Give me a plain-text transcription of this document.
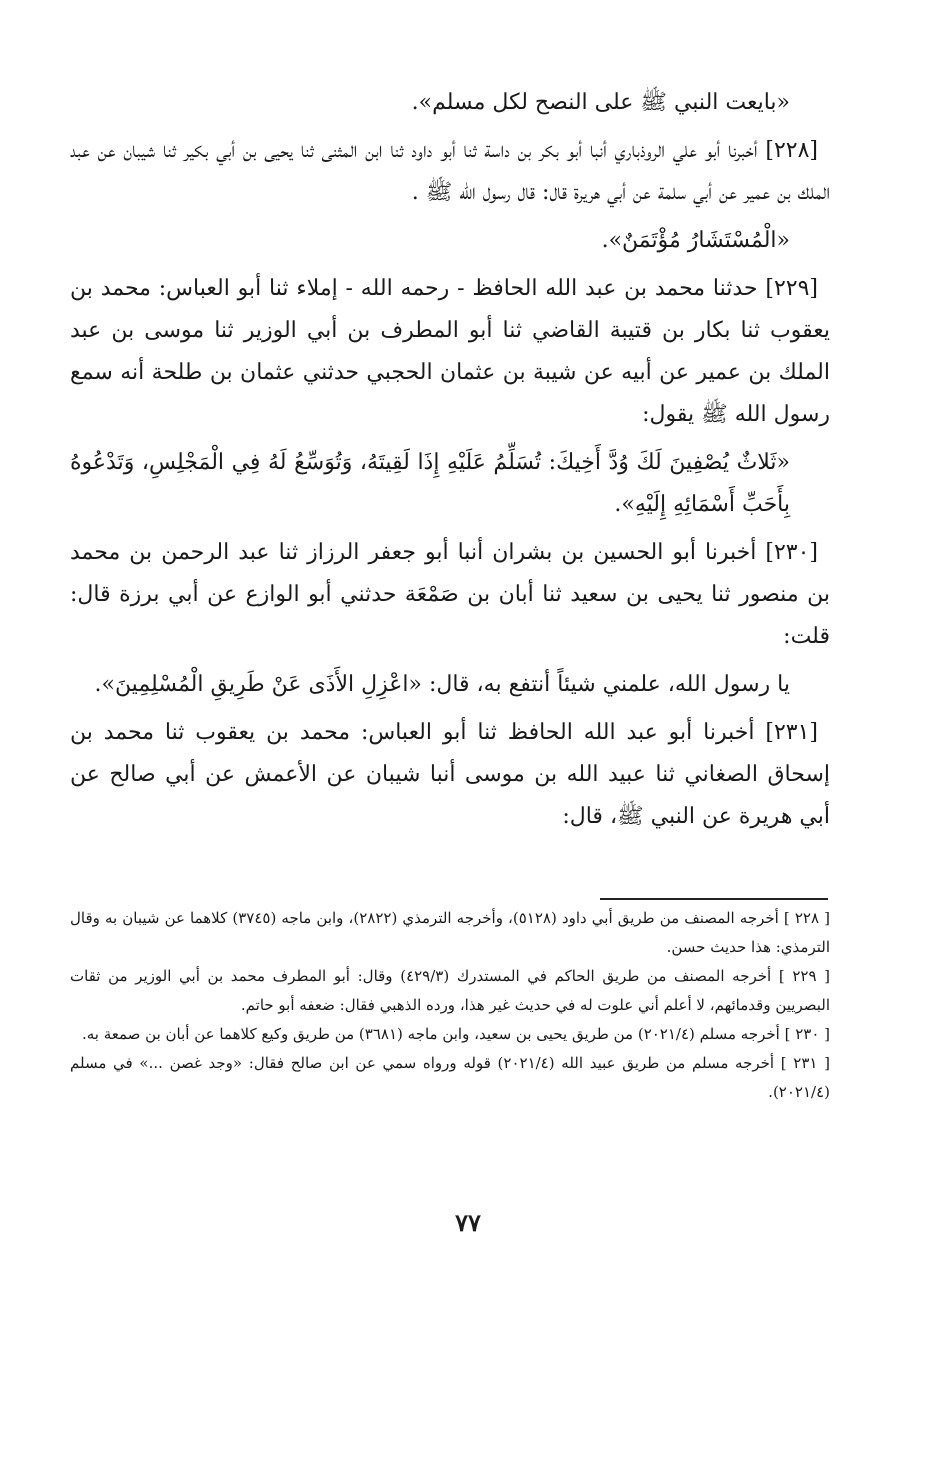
«بايعت النبي ﷺ على النصح لكل مسلم».

[٢٢٨] أخبرنا أبو علي الروذباري أنبا أبو بكر بن داسة ثنا أبو داود ثنا ابن المثنى ثنا يحيى بن أبي بكير ثنا شيبان عن عبد الملك بن عمير عن أبي سلمة عن أبي هريرة قال: قال رسول الله ﷺ .

«الْمُسْتَشَارُ مُؤْتَمَنٌ».

[٢٢٩] حدثنا محمد بن عبد الله الحافظ - رحمه الله - إملاء ثنا أبو العباس: محمد بن يعقوب ثنا بكار بن قتيبة القاضي ثنا أبو المطرف بن أبي الوزير ثنا موسى بن عبد الملك بن عمير عن أبيه عن شيبة بن عثمان الحجبي حدثني عثمان بن طلحة أنه سمع رسول الله ﷺ يقول:

«ثَلاثٌ يُصْفِينَ لَكَ وُدَّ أَخِيكَ: تُسَلِّمُ عَلَيْهِ إِذَا لَقِيتَهُ، وَتُوَسِّعُ لَهُ فِي الْمَجْلِسِ، وَتَدْعُوهُ بِأَحَبِّ أَسْمَائِهِ إِلَيْهِ».

[٢٣٠] أخبرنا أبو الحسين بن بشران أنبا أبو جعفر الرزاز ثنا عبد الرحمن بن محمد بن منصور ثنا يحيى بن سعيد ثنا أبان بن صَمْعَة حدثني أبو الوازع عن أبي برزة قال: قلت:

يا رسول الله، علمني شيئاً أنتفع به، قال: «اعْزِلِ الأَذَى عَنْ طَرِيقِ الْمُسْلِمِينَ».

[٢٣١] أخبرنا أبو عبد الله الحافظ ثنا أبو العباس: محمد بن يعقوب ثنا محمد بن إسحاق الصغاني ثنا عبيد الله بن موسى أنبا شيبان عن الأعمش عن أبي صالح عن أبي هريرة عن النبي ﷺ، قال:

[ ٢٢٨ ] أخرجه المصنف من طريق أبي داود (٥١٢٨)، وأخرجه الترمذي (٢٨٢٢)، وابن ماجه (٣٧٤٥) كلاهما عن شيبان به وقال الترمذي: هذا حديث حسن.

[ ٢٢٩ ] أخرجه المصنف من طريق الحاكم في المستدرك (٤٢٩/٣) وقال: أبو المطرف محمد بن أبي الوزير من ثقات البصريين وقدمائهم، لا أعلم أني علوت له في حديث غير هذا، ورده الذهبي فقال: ضعفه أبو حاتم.

[ ٢٣٠ ] أخرجه مسلم (٢٠٢١/٤) من طريق يحيى بن سعيد، وابن ماجه (٣٦٨١) من طريق وكيع كلاهما عن أبان بن صمعة به.

[ ٢٣١ ] أخرجه مسلم من طريق عبيد الله (٢٠٢١/٤) قوله ورواه سمي عن ابن صالح فقال: «وجد غصن ...» في مسلم (٢٠٢١/٤).

٧٧
